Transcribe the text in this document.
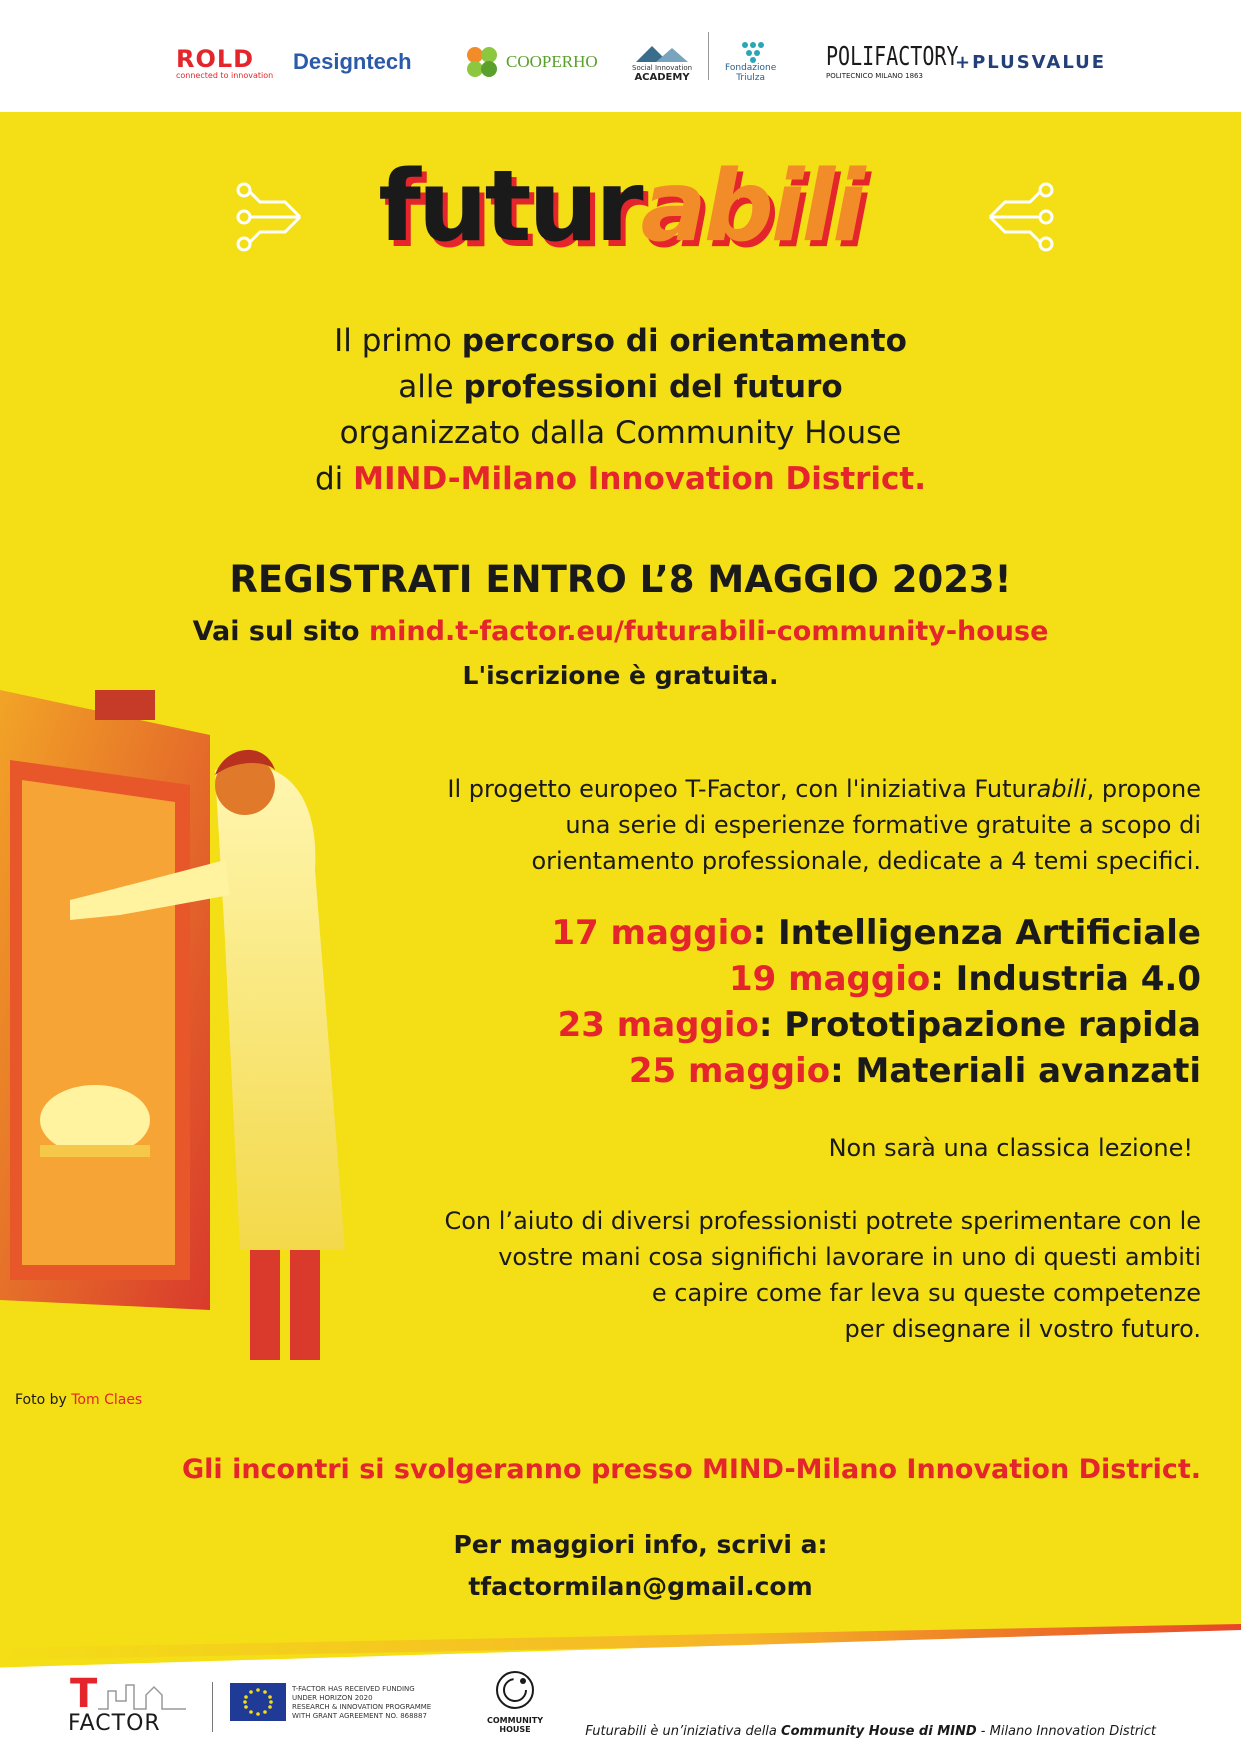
ROLD
connected to innovation
Designtech	COOPERHO	Social Innovation
ACADEMY
Fondazione
Triulza
POLIFACTORY
POLITECNICO MILANO 1863
+PLUSVALUE
futurabili
Il primo percorso di orientamento
alle professioni del futuro
organizzato dalla Community House
di MIND-Milano Innovation District.
REGISTRATI ENTRO L’8 MAGGIO 2023!
Vai sul sito mind.t-factor.eu/futurabili-community-house
L'iscrizione è gratuita.
Il progetto europeo T-Factor, con l'iniziativa Futurabili, propone
una serie di esperienze formative gratuite a scopo di
orientamento professionale, dedicate a 4 temi specifici.
17 maggio: Intelligenza Artificiale
19 maggio: Industria 4.0
23 maggio: Prototipazione rapida
25 maggio: Materiali avanzati
Non sarà una classica lezione!
Con l’aiuto di diversi professionisti potrete sperimentare con le
vostre mani cosa significhi lavorare in uno di questi ambiti
e capire come far leva su queste competenze
per disegnare il vostro futuro.
Foto by Tom Claes
Gli incontri si svolgeranno presso MIND-Milano Innovation District.
Per maggiori info, scrivi a:
tfactormilan@gmail.com
T
FACTOR
T-FACTOR HAS RECEIVED FUNDING
UNDER HORIZON 2020
RESEARCH & INNOVATION PROGRAMME
WITH GRANT AGREEMENT NO. 868887	COMMUNITY
HOUSE	Futurabili è un’iniziativa della Community House di MIND - Milano Innovation District
